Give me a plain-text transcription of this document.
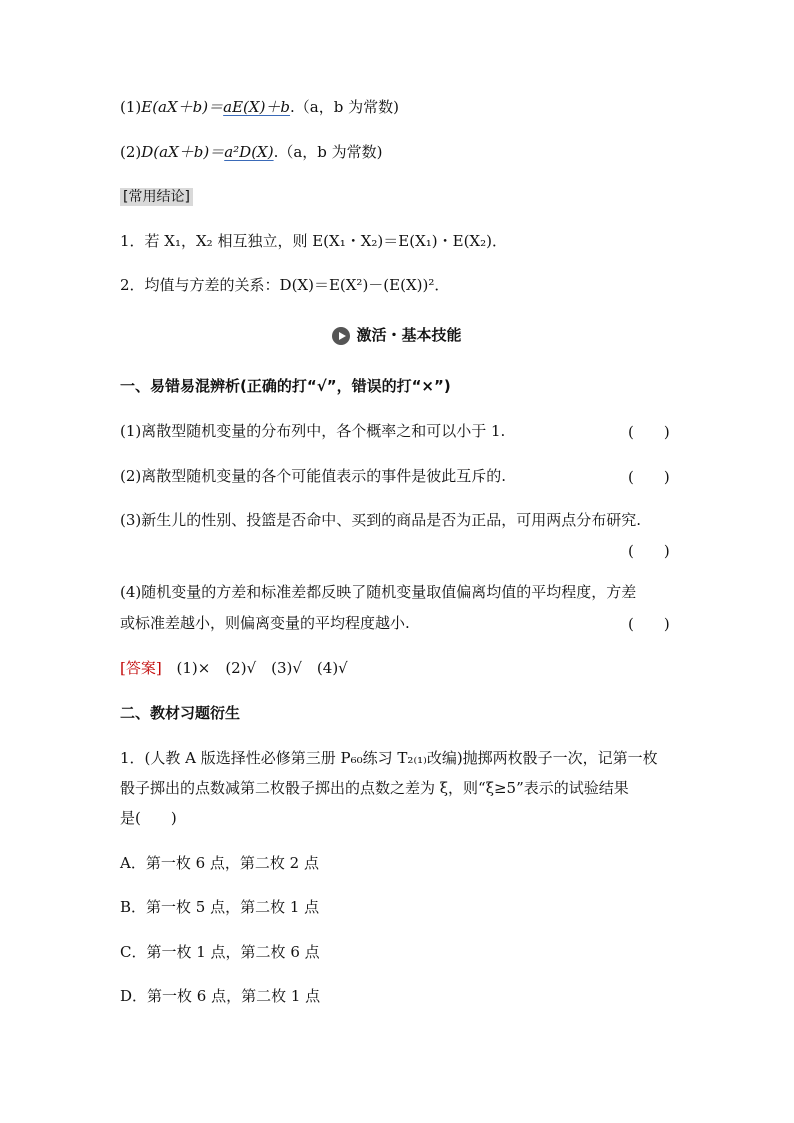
(1)E(aX＋b)＝aE(X)＋b.（a，b 为常数)
(2)D(aX＋b)＝a²D(X).（a，b 为常数)
[常用结论]
1．若 X₁，X₂ 相互独立，则 E(X₁・X₂)＝E(X₁)・E(X₂)．
2．均值与方差的关系：D(X)＝E(X²)－(E(X))²．
激活・基本技能
一、易错易混辨析(正确的打“√”，错误的打“×”)
(1)离散型随机变量的分布列中，各个概率之和可以小于 1.	(　　)
(2)离散型随机变量的各个可能值表示的事件是彼此互斥的.	(　　)
(3)新生儿的性别、投篮是否命中、买到的商品是否为正品，可用两点分布研究.
(　　)
(4)随机变量的方差和标准差都反映了随机变量取值偏离均值的平均程度，方差
或标准差越小，则偏离变量的平均程度越小.	(　　)
[答案] (1)×　(2)√　(3)√　(4)√
二、教材习题衍生
1．(人教 A 版选择性必修第三册 P₆₀练习 T₂₍₁₎改编)抛掷两枚骰子一次，记第一枚
骰子掷出的点数减第二枚骰子掷出的点数之差为 ξ，则“ξ≥5”表示的试验结果
是(　　)
A．第一枚 6 点，第二枚 2 点
B．第一枚 5 点，第二枚 1 点
C．第一枚 1 点，第二枚 6 点
D．第一枚 6 点，第二枚 1 点
